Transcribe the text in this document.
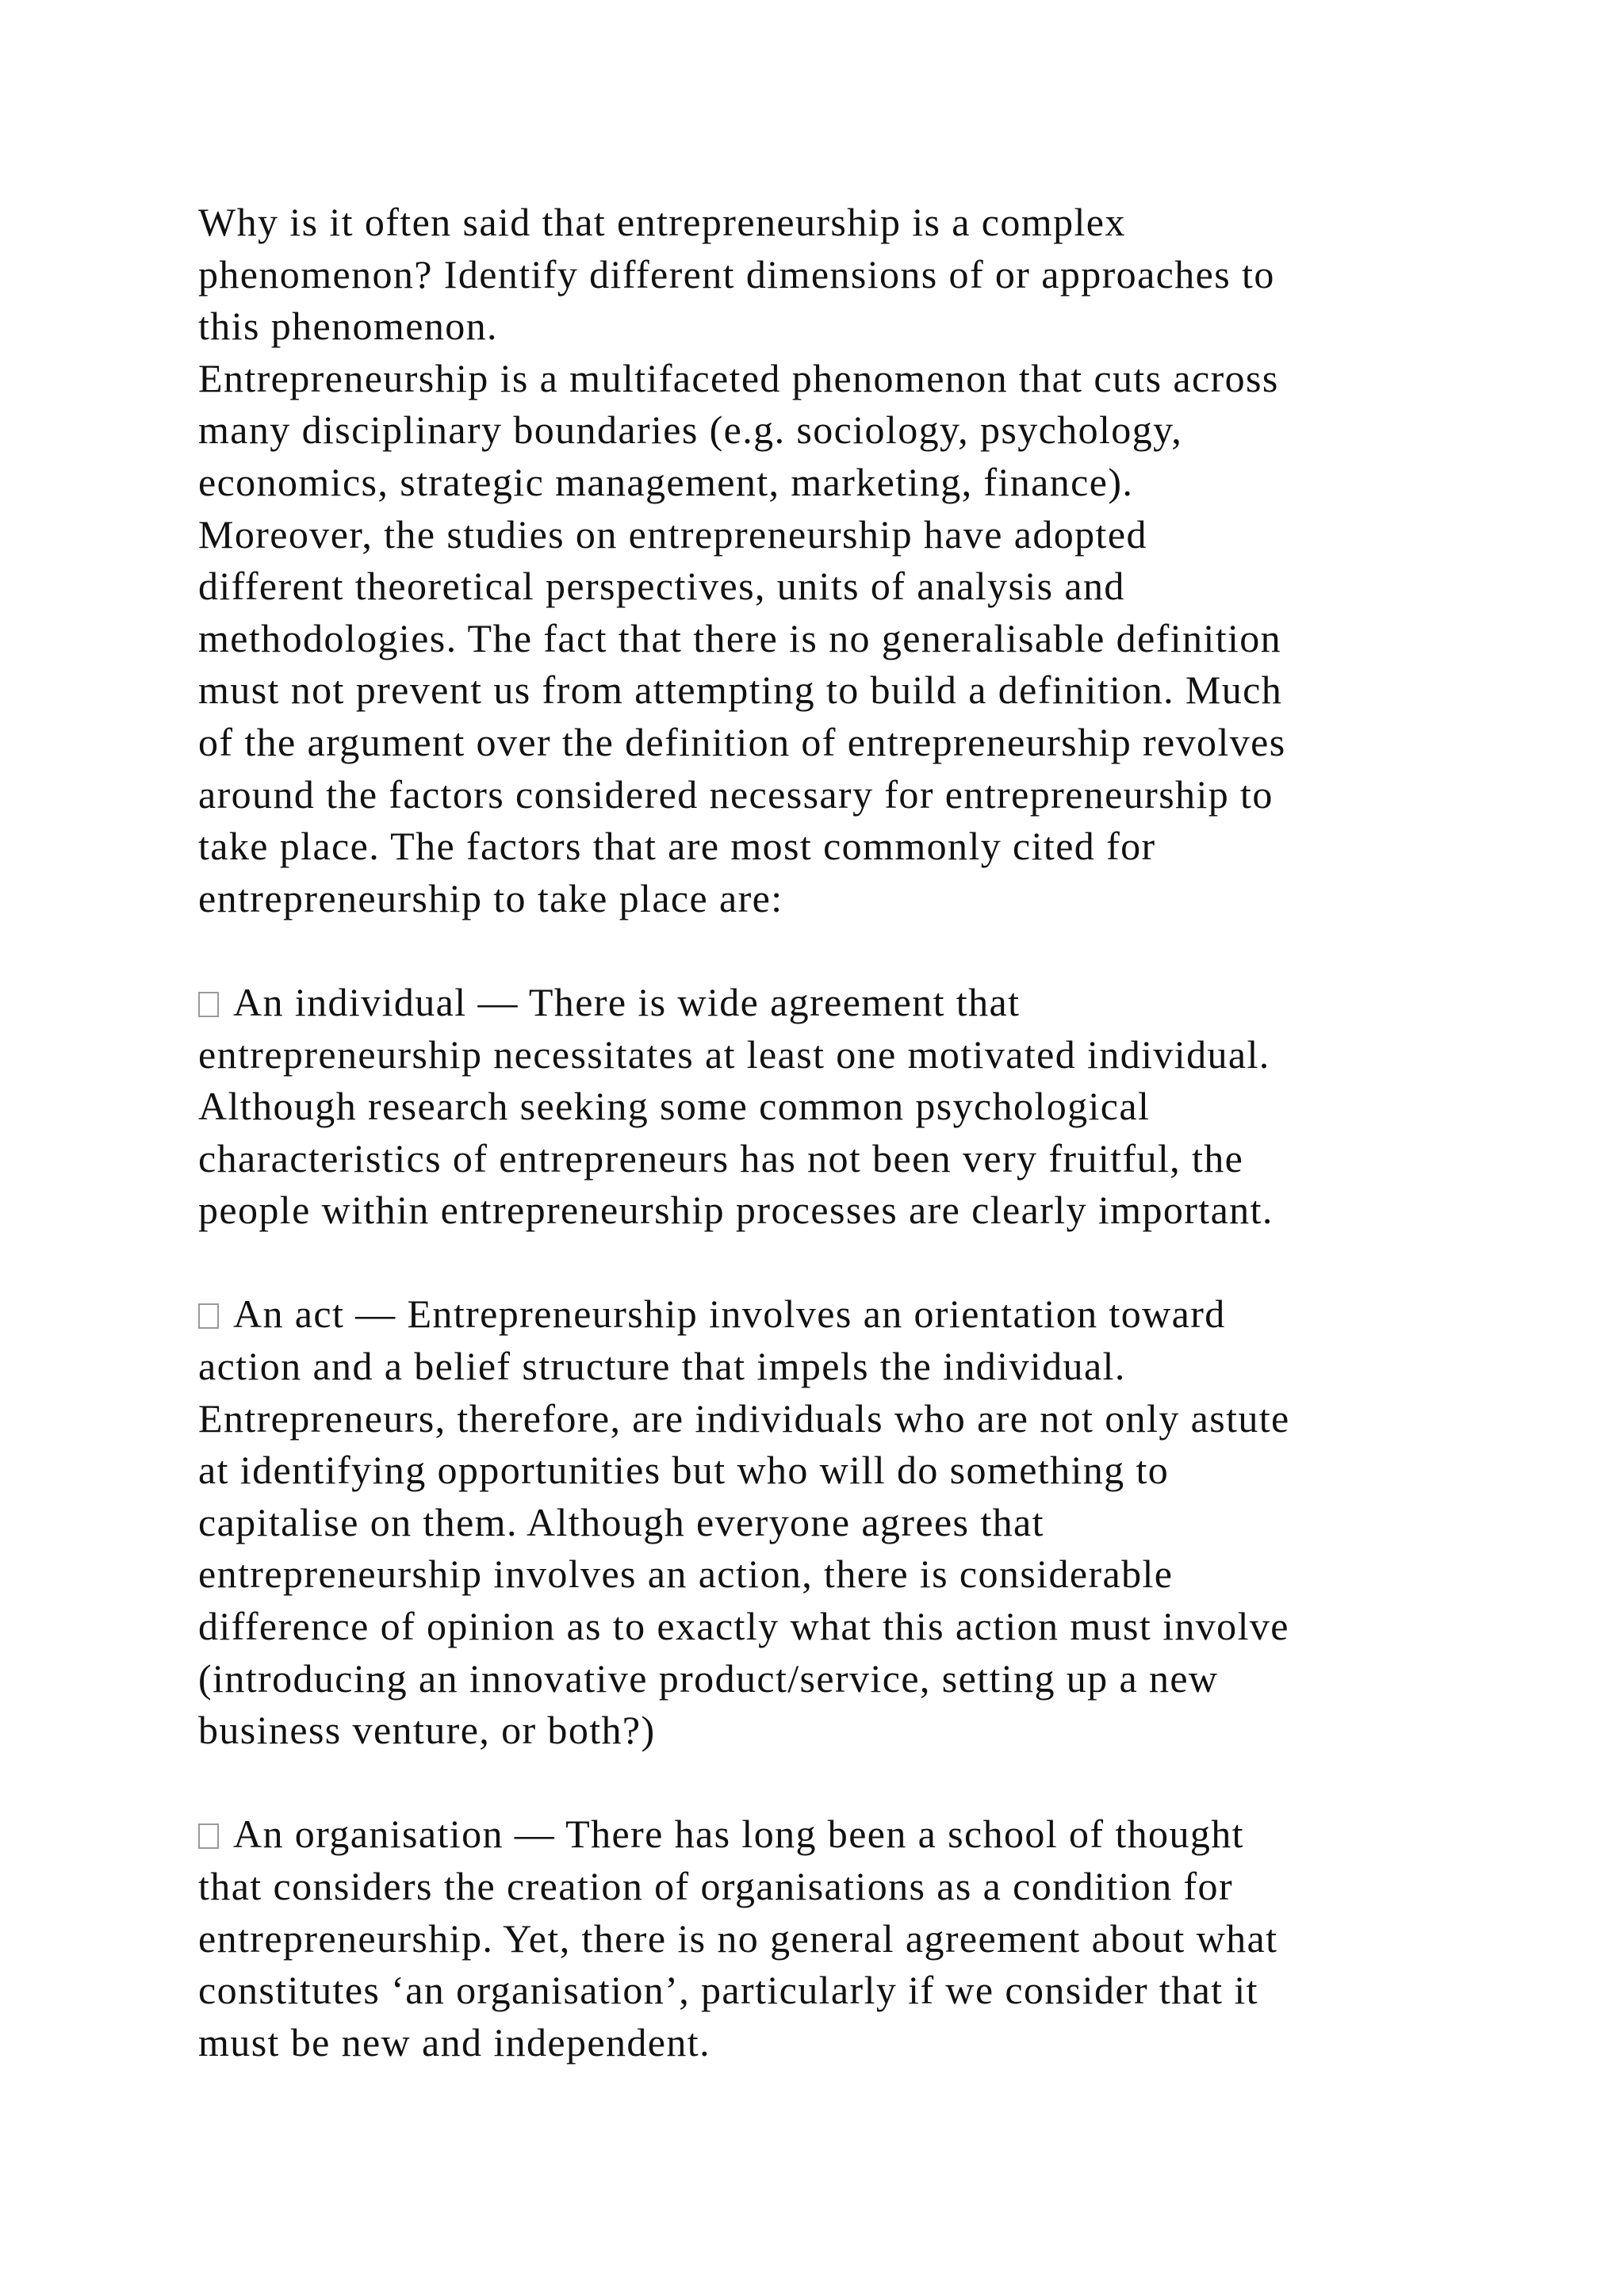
Why is it often said that entrepreneurship is a complex
phenomenon? Identify different dimensions of or approaches to
this phenomenon.
Entrepreneurship is a multifaceted phenomenon that cuts across
many disciplinary boundaries (e.g. sociology, psychology,
economics, strategic management, marketing, finance).
Moreover, the studies on entrepreneurship have adopted
different theoretical perspectives, units of analysis and
methodologies. The fact that there is no generalisable definition
must not prevent us from attempting to build a definition. Much
of the argument over the definition of entrepreneurship revolves
around the factors considered necessary for entrepreneurship to
take place. The factors that are most commonly cited for
entrepreneurship to take place are:
An individual — There is wide agreement that
entrepreneurship necessitates at least one motivated individual.
Although research seeking some common psychological
characteristics of entrepreneurs has not been very fruitful, the
people within entrepreneurship processes are clearly important.
An act — Entrepreneurship involves an orientation toward
action and a belief structure that impels the individual.
Entrepreneurs, therefore, are individuals who are not only astute
at identifying opportunities but who will do something to
capitalise on them. Although everyone agrees that
entrepreneurship involves an action, there is considerable
difference of opinion as to exactly what this action must involve
(introducing an innovative product/service, setting up a new
business venture, or both?)
An organisation — There has long been a school of thought
that considers the creation of organisations as a condition for
entrepreneurship. Yet, there is no general agreement about what
constitutes ‘an organisation’, particularly if we consider that it
must be new and independent.
